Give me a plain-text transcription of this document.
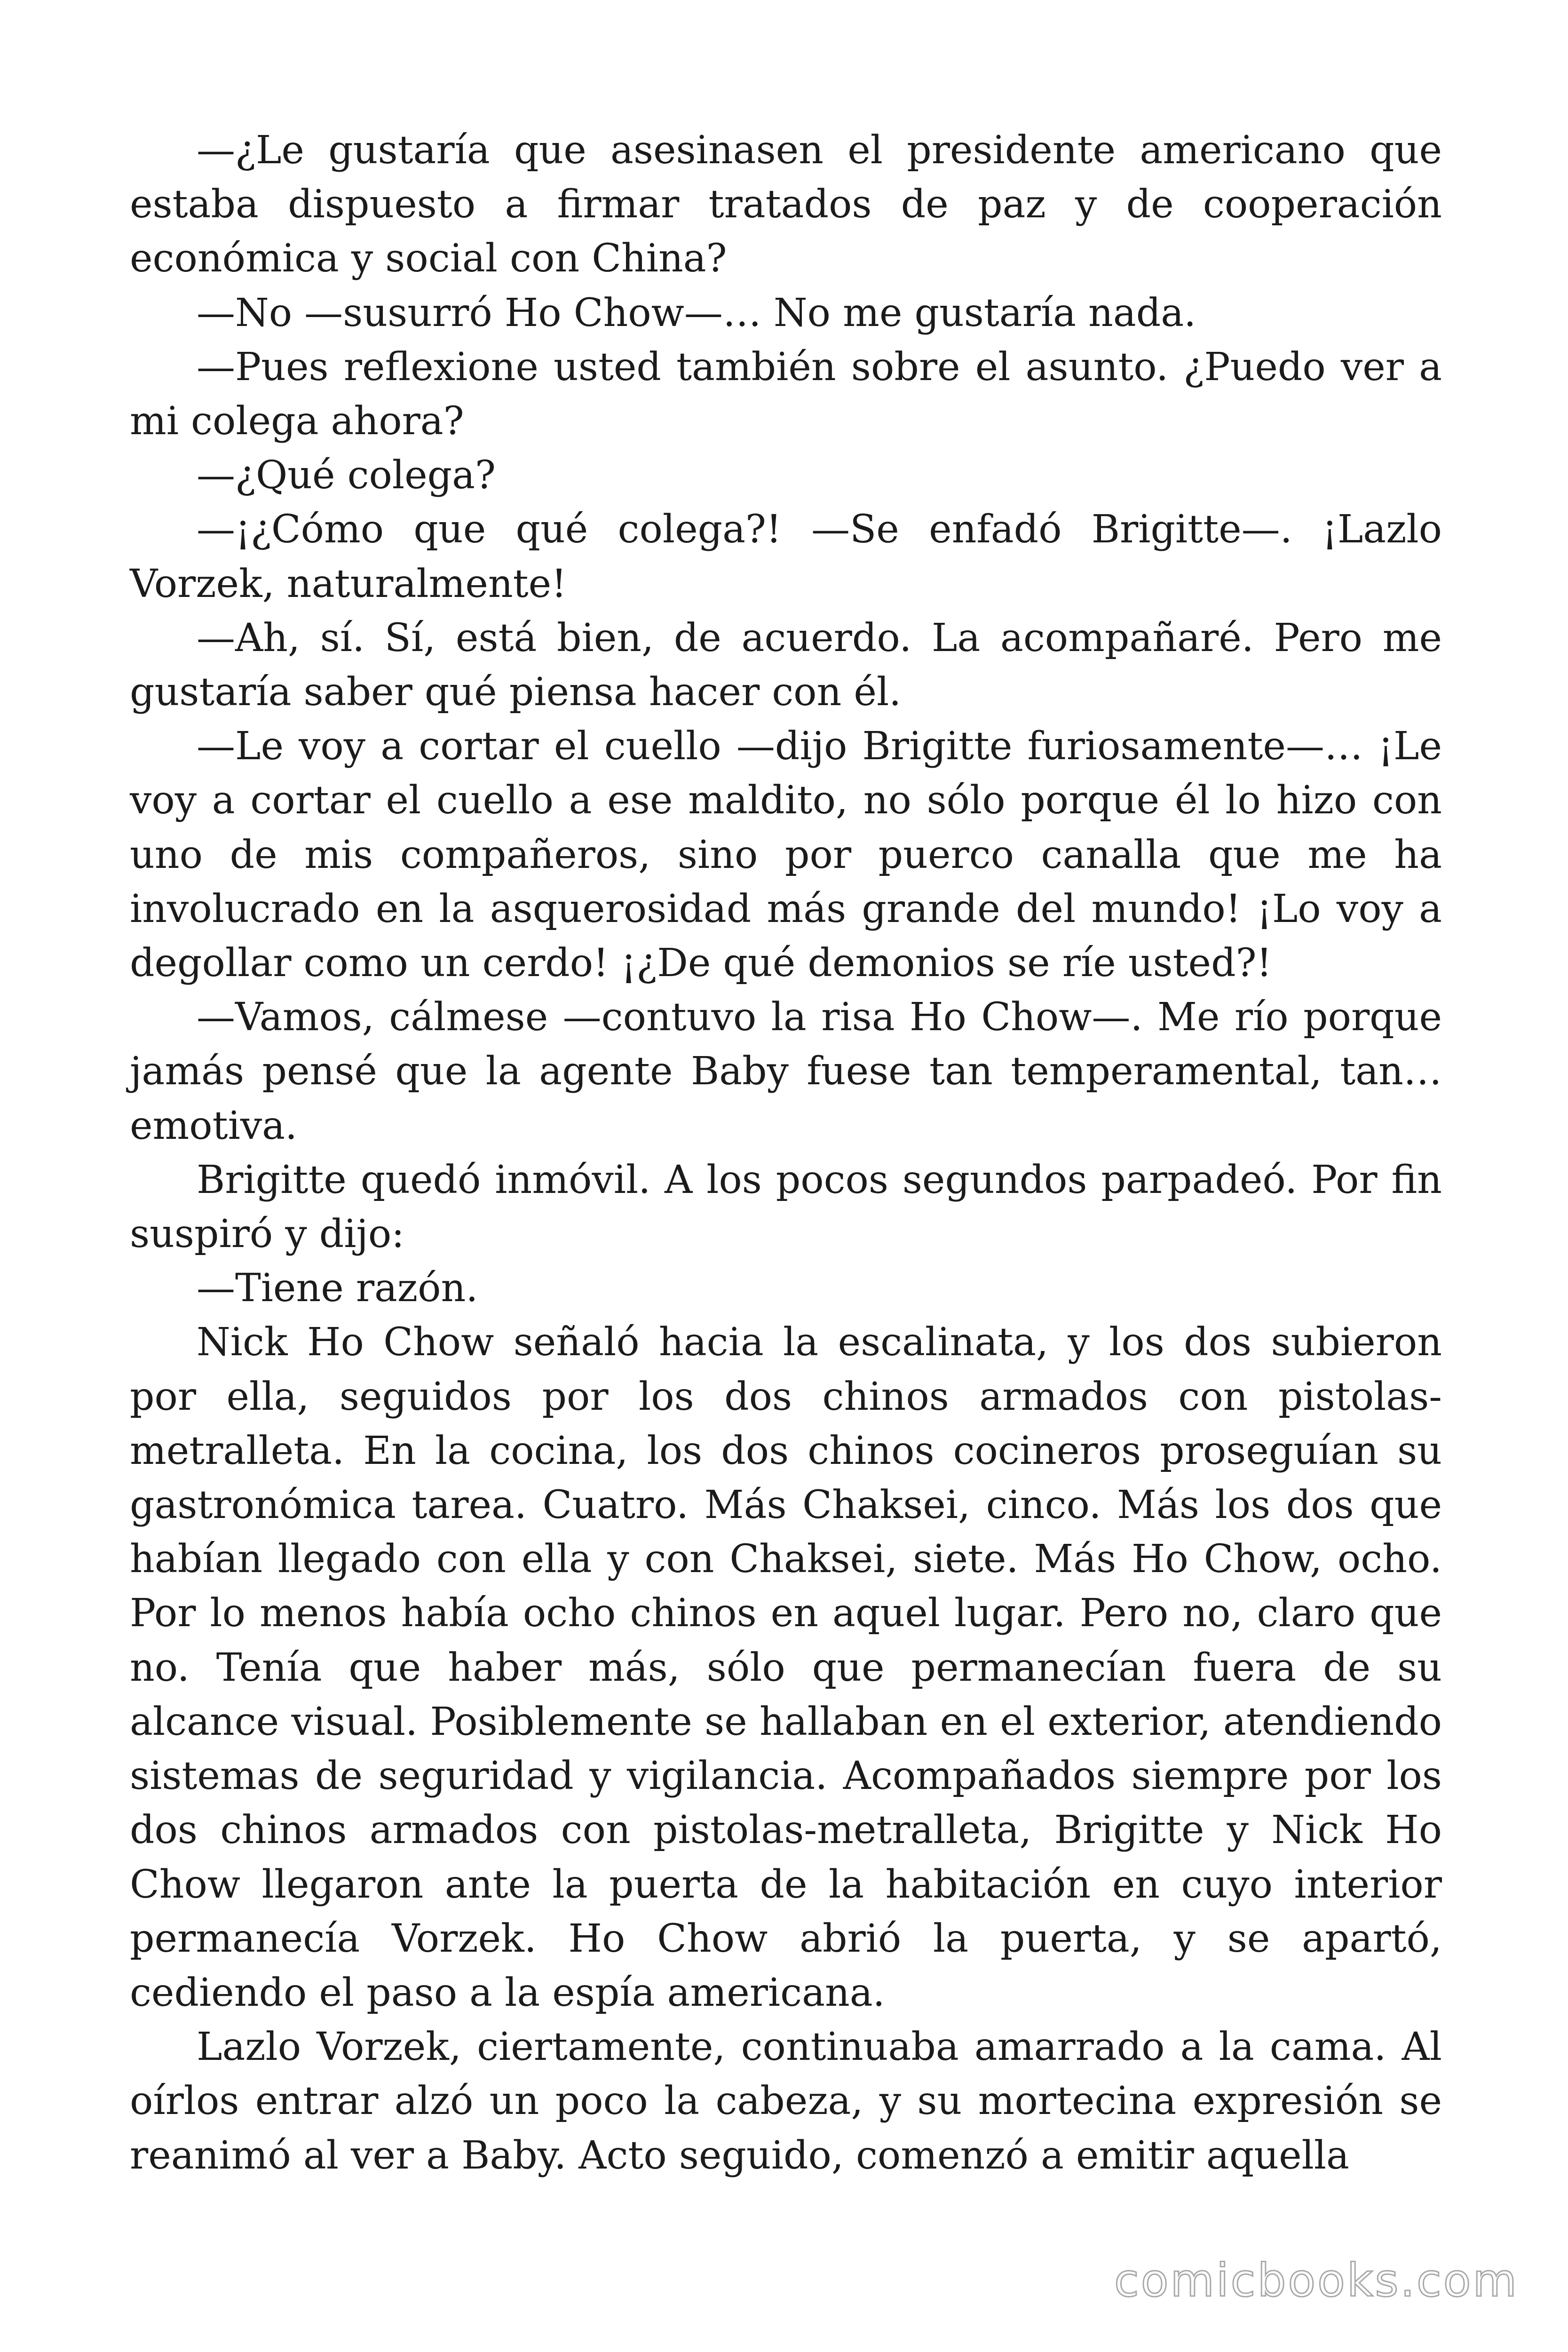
—¿Le gustaría que asesinasen el presidente americano que estaba dispuesto a firmar tratados de paz y de cooperación económica y social con China?

—No —susurró Ho Chow—… No me gustaría nada.

—Pues reflexione usted también sobre el asunto. ¿Puedo ver a mi colega ahora?

—¿Qué colega?

—¡¿Cómo que qué colega?! —Se enfadó Brigitte—. ¡Lazlo Vorzek, naturalmente!

—Ah, sí. Sí, está bien, de acuerdo. La acompañaré. Pero me gustaría saber qué piensa hacer con él.

—Le voy a cortar el cuello —dijo Brigitte furiosamente—… ¡Le voy a cortar el cuello a ese maldito, no sólo porque él lo hizo con uno de mis compañeros, sino por puerco canalla que me ha involucrado en la asquerosidad más grande del mundo! ¡Lo voy a degollar como un cerdo! ¡¿De qué demonios se ríe usted?!

—Vamos, cálmese —contuvo la risa Ho Chow—. Me río porque jamás pensé que la agente Baby fuese tan temperamental, tan… emotiva.

Brigitte quedó inmóvil. A los pocos segundos parpadeó. Por fin suspiró y dijo:

—Tiene razón.

Nick Ho Chow señaló hacia la escalinata, y los dos subieron por ella, seguidos por los dos chinos armados con pistolas-metralleta. En la cocina, los dos chinos cocineros proseguían su gastronómica tarea. Cuatro. Más Chaksei, cinco. Más los dos que habían llegado con ella y con Chaksei, siete. Más Ho Chow, ocho. Por lo menos había ocho chinos en aquel lugar. Pero no, claro que no. Tenía que haber más, sólo que permanecían fuera de su alcance visual. Posiblemente se hallaban en el exterior, atendiendo sistemas de seguridad y vigilancia. Acompañados siempre por los dos chinos armados con pistolas-metralleta, Brigitte y Nick Ho Chow llegaron ante la puerta de la habitación en cuyo interior permanecía Vorzek. Ho Chow abrió la puerta, y se apartó, cediendo el paso a la espía americana.

Lazlo Vorzek, ciertamente, continuaba amarrado a la cama. Al oírlos entrar alzó un poco la cabeza, y su mortecina expresión se reanimó al ver a Baby. Acto seguido, comenzó a emitir aquella

comicbooks.com
